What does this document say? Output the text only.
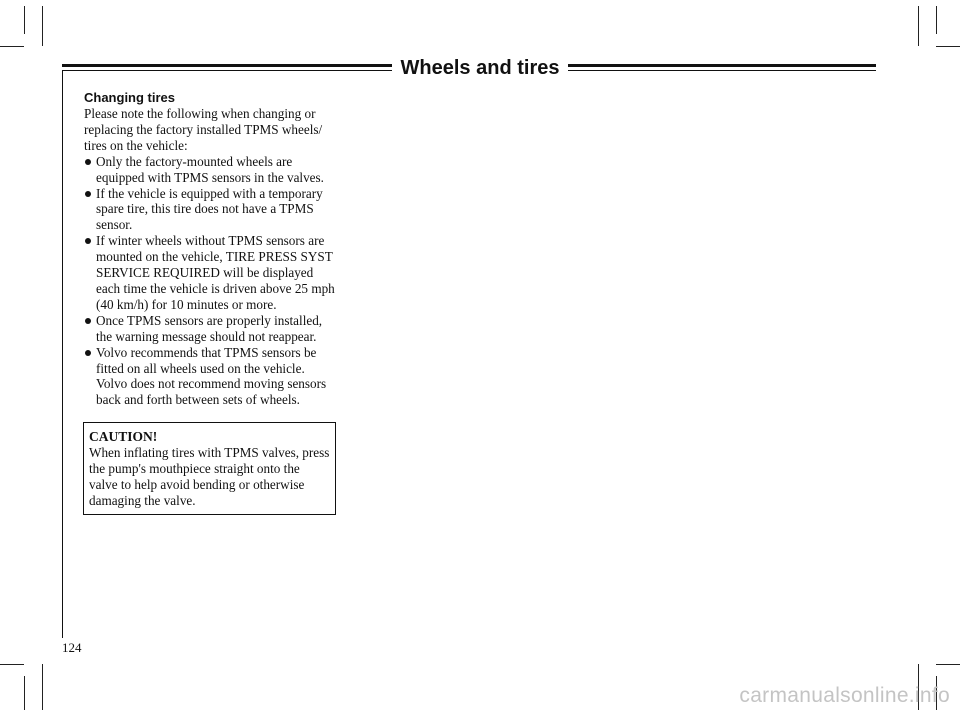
Wheels and tires
Changing tires

Please note the following when changing or replacing the factory installed TPMS wheels/ tires on the vehicle:

Only the factory-mounted wheels are equipped with TPMS sensors in the valves.
If the vehicle is equipped with a temporary spare tire, this tire does not have a TPMS sensor.
If winter wheels without TPMS sensors are mounted on the vehicle, TIRE PRESS SYST SERVICE REQUIRED will be displayed each time the vehicle is driven above 25 mph (40 km/h) for 10 minutes or more.
Once TPMS sensors are properly installed, the warning message should not reappear.
Volvo recommends that TPMS sensors be fitted on all wheels used on the vehicle. Volvo does not recommend moving sensors back and forth between sets of wheels.
CAUTION!
When inflating tires with TPMS valves, press the pump's mouthpiece straight onto the valve to help avoid bending or otherwise damaging the valve.
124
carmanualsonline.info
